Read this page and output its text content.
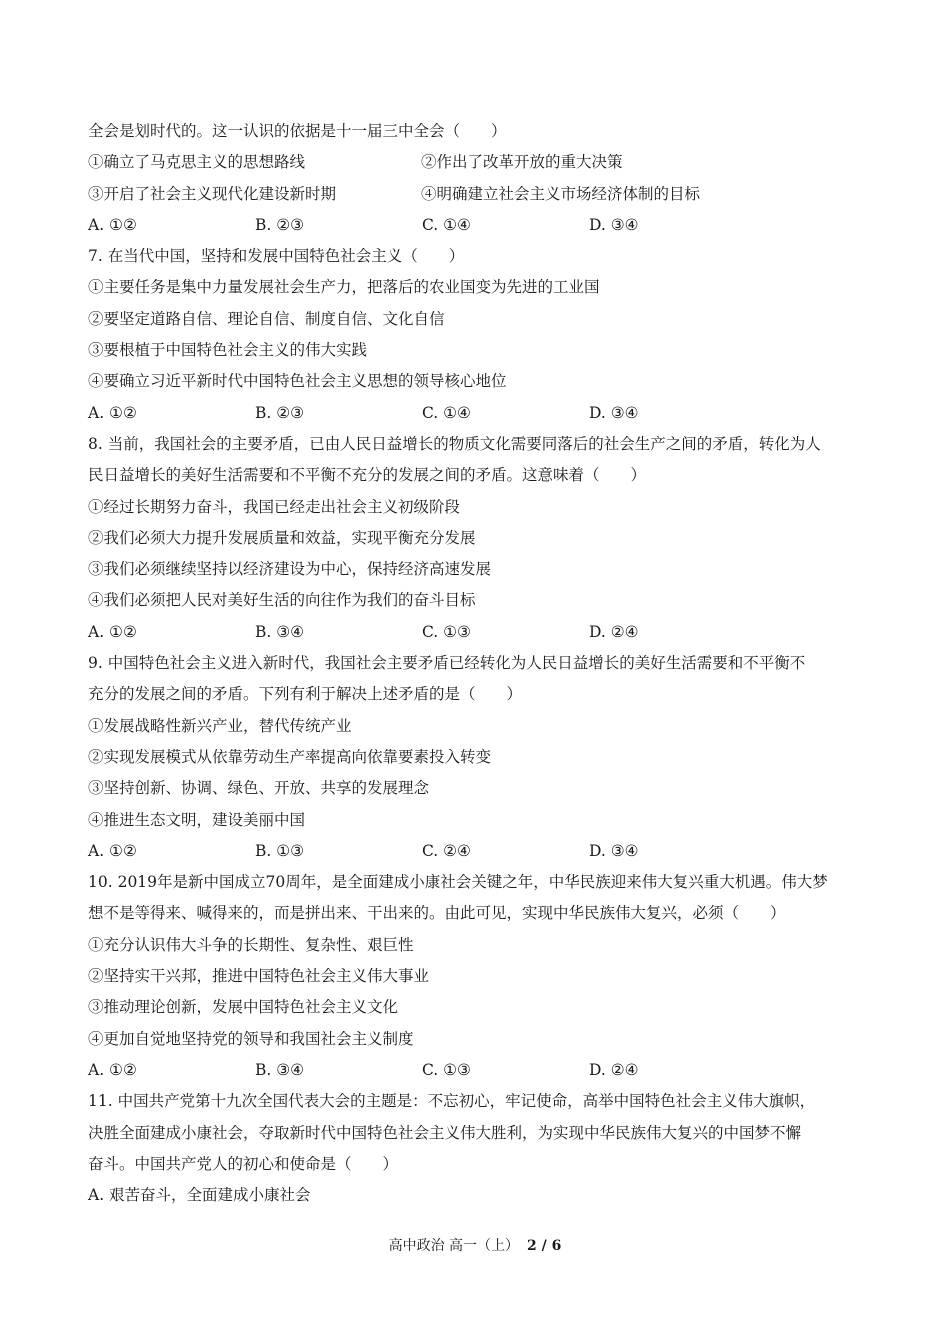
全会是划时代的。这一认识的依据是十一届三中全会（　　）
①确立了马克思主义的思想路线	②作出了改革开放的重大决策
③开启了社会主义现代化建设新时期	④明确建立社会主义市场经济体制的目标
A. ①②	B. ②③	C. ①④	D. ③④
7. 在当代中国，坚持和发展中国特色社会主义（　　）
①主要任务是集中力量发展社会生产力，把落后的农业国变为先进的工业国
②要坚定道路自信、理论自信、制度自信、文化自信
③要根植于中国特色社会主义的伟大实践
④要确立习近平新时代中国特色社会主义思想的领导核心地位
A. ①②	B. ②③	C. ①④	D. ③④
8. 当前，我国社会的主要矛盾，已由人民日益增长的物质文化需要同落后的社会生产之间的矛盾，转化为人
民日益增长的美好生活需要和不平衡不充分的发展之间的矛盾。这意味着（　　）
①经过长期努力奋斗，我国已经走出社会主义初级阶段
②我们必须大力提升发展质量和效益，实现平衡充分发展
③我们必须继续坚持以经济建设为中心，保持经济高速发展
④我们必须把人民对美好生活的向往作为我们的奋斗目标
A. ①②	B. ③④	C. ①③	D. ②④
9. 中国特色社会主义进入新时代，我国社会主要矛盾已经转化为人民日益增长的美好生活需要和不平衡不
充分的发展之间的矛盾。下列有利于解决上述矛盾的是（　　）
①发展战略性新兴产业，替代传统产业
②实现发展模式从依靠劳动生产率提高向依靠要素投入转变
③坚持创新、协调、绿色、开放、共享的发展理念
④推进生态文明，建设美丽中国
A. ①②	B. ①③	C. ②④	D. ③④
10. 2019年是新中国成立70周年，是全面建成小康社会关键之年，中华民族迎来伟大复兴重大机遇。伟大梦
想不是等得来、喊得来的，而是拼出来、干出来的。由此可见，实现中华民族伟大复兴，必须（　　）
①充分认识伟大斗争的长期性、复杂性、艰巨性
②坚持实干兴邦，推进中国特色社会主义伟大事业
③推动理论创新，发展中国特色社会主义文化
④更加自觉地坚持党的领导和我国社会主义制度
A. ①②	B. ③④	C. ①③	D. ②④
11. 中国共产党第十九次全国代表大会的主题是：不忘初心，牢记使命，高举中国特色社会主义伟大旗帜，
决胜全面建成小康社会，夺取新时代中国特色社会主义伟大胜利，为实现中华民族伟大复兴的中国梦不懈
奋斗。中国共产党人的初心和使命是（　　）
A. 艰苦奋斗，全面建成小康社会
高中政治 高一（上） 2 / 6
